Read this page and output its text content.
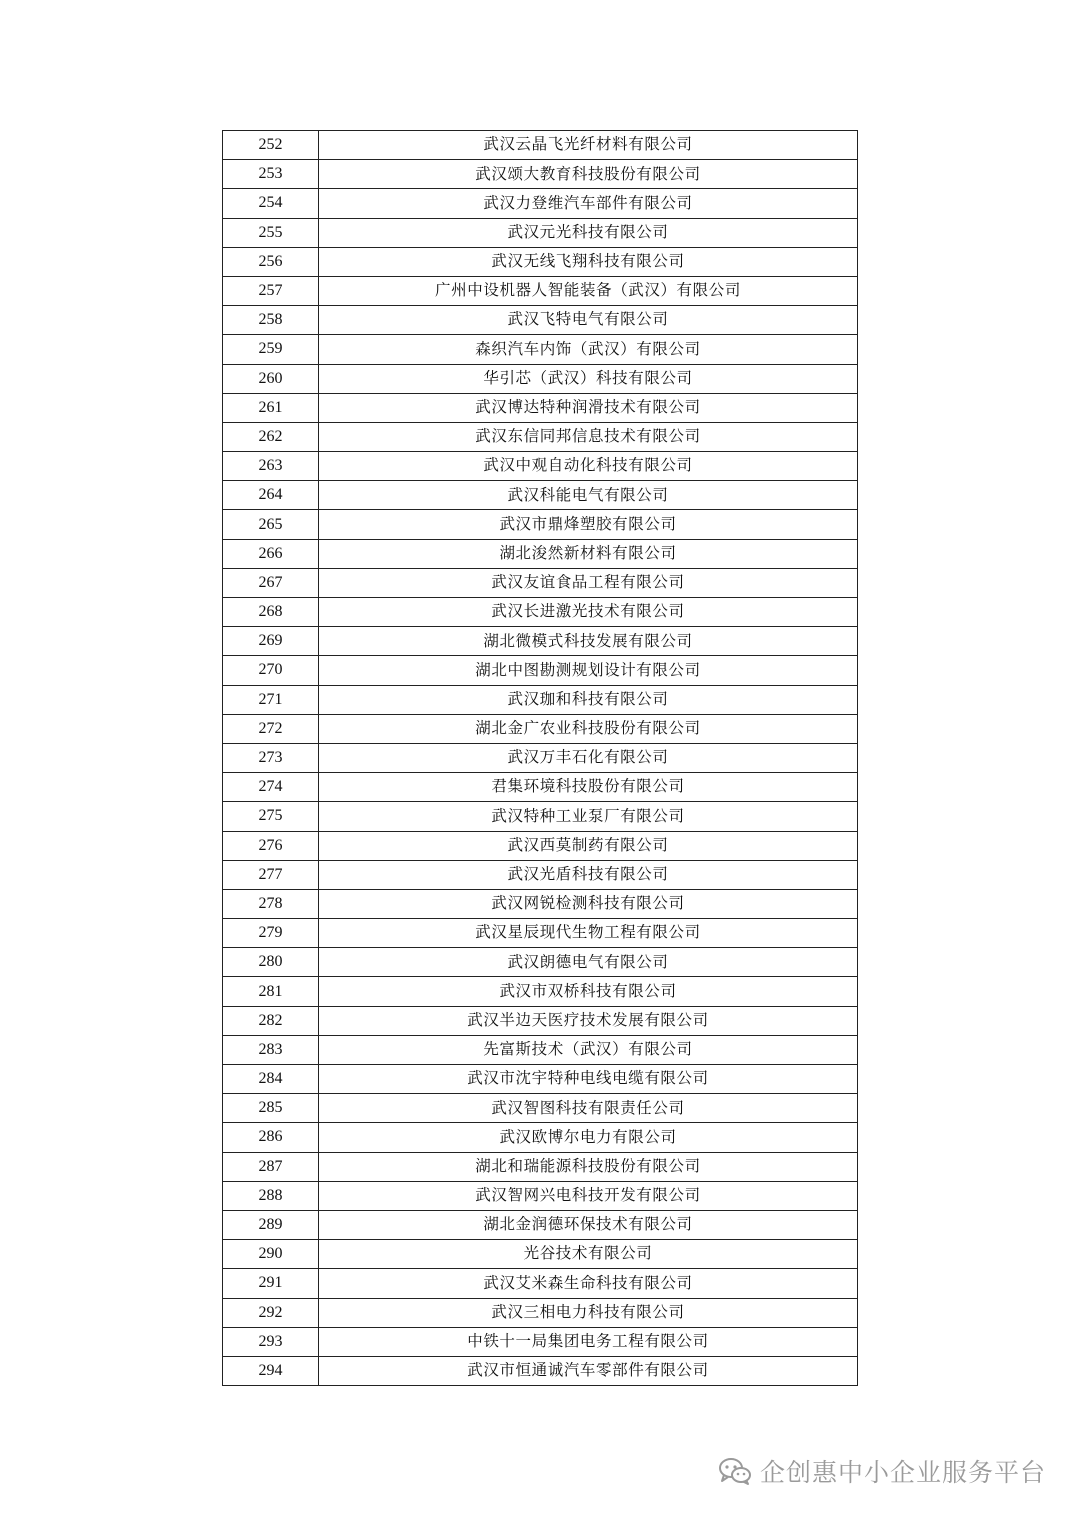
252	武汉云晶飞光纤材料有限公司
253	武汉颂大教育科技股份有限公司
254	武汉力登维汽车部件有限公司
255	武汉元光科技有限公司
256	武汉无线飞翔科技有限公司
257	广州中设机器人智能装备（武汉）有限公司
258	武汉飞特电气有限公司
259	森织汽车内饰（武汉）有限公司
260	华引芯（武汉）科技有限公司
261	武汉博达特种润滑技术有限公司
262	武汉东信同邦信息技术有限公司
263	武汉中观自动化科技有限公司
264	武汉科能电气有限公司
265	武汉市鼎烽塑胶有限公司
266	湖北浚然新材料有限公司
267	武汉友谊食品工程有限公司
268	武汉长进激光技术有限公司
269	湖北微模式科技发展有限公司
270	湖北中图勘测规划设计有限公司
271	武汉珈和科技有限公司
272	湖北金广农业科技股份有限公司
273	武汉万丰石化有限公司
274	君集环境科技股份有限公司
275	武汉特种工业泵厂有限公司
276	武汉西莫制药有限公司
277	武汉光盾科技有限公司
278	武汉网锐检测科技有限公司
279	武汉星辰现代生物工程有限公司
280	武汉朗德电气有限公司
281	武汉市双桥科技有限公司
282	武汉半边天医疗技术发展有限公司
283	先富斯技术（武汉）有限公司
284	武汉市沈宇特种电线电缆有限公司
285	武汉智图科技有限责任公司
286	武汉欧博尔电力有限公司
287	湖北和瑞能源科技股份有限公司
288	武汉智网兴电科技开发有限公司
289	湖北金润德环保技术有限公司
290	光谷技术有限公司
291	武汉艾米森生命科技有限公司
292	武汉三相电力科技有限公司
293	中铁十一局集团电务工程有限公司
294	武汉市恒通诚汽车零部件有限公司
企创惠中小企业服务平台
